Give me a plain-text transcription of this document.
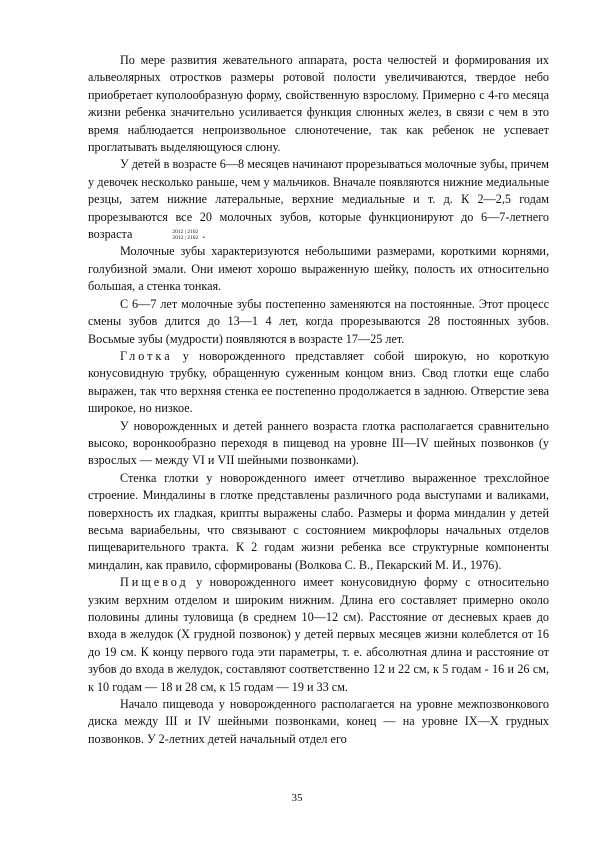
По мере развития жевательного аппарата, роста челюстей и формирования их альвеолярных отростков размеры ротовой полости увеличиваются, твердое небо приобретает куполообразную форму, свойственную взрослому. Примерно с 4-го месяца жизни ребенка значительно усиливается функция слюнных желез, в связи с чем в это время наблюдается непроизвольное слюнотечение, так как ребенок не успевает проглатывать выделяющуюся слюну.

У детей в возрасте 6—8 месяцев начинают прорезываться молочные зубы, причем у девочек несколько раньше, чем у мальчиков. Вначале появляются нижние медиальные резцы, затем нижние латеральные, верхние медиальные и т. д. К 2—2,5 годам прорезываются все 20 молочных зубов, которые функционируют до 6—7-летнего возраста	2012 | 2102
2012 | 2102 .

Молочные зубы характеризуются небольшими размерами, короткими корнями, голубизной эмали. Они имеют хорошо выраженную шейку, полость их относительно большая, а стенка тонкая.

С 6—7 лет молочные зубы постепенно заменяются на постоянные. Этот процесс смены зубов длится до 13—1 4 лет, когда прорезываются 28 постоянных зубов. Восьмые зубы (мудрости) появляются в возрасте 17—25 лет.

Глотка у новорожденного представляет собой широкую, но короткую конусовидную трубку, обращенную суженным концом вниз. Свод глотки еще слабо выражен, так что верхняя стенка ее постепенно продолжается в заднюю. Отверстие зева широкое, но низкое.

У новорожденных и детей раннего возраста глотка располагается сравнительно высоко, воронкообразно переходя в пищевод на уровне III—IV шейных позвонков (у взрослых — между VI и VII шейными позвонками).

Стенка глотки у новорожденного имеет отчетливо выраженное трехслойное строение. Миндалины в глотке представлены различного рода выступами и валиками, поверхность их гладкая, крипты выражены слабо. Размеры и форма миндалин у детей весьма вариабельны, что связывают с состоянием микрофлоры начальных отделов пищеварительного тракта. К 2 годам жизни ребенка все структурные компоненты миндалин, как правило, сформированы (Волкова С. В., Пекарский М. И., 1976).

Пищевод у новорожденного имеет конусовидную форму с относительно узким верхним отделом и широким нижним. Длина его составляет примерно около половины длины туловища (в среднем 10—12 см). Расстояние от десневых краев до входа в желудок (X грудной позвонок) у детей первых месяцев жизни колеблется от 16 до 19 см. К концу первого года эти параметры, т. е. абсолютная длина и расстояние от зубов до входа в желудок, составляют соответственно 12 и 22 см, к 5 годам - 16 и 26 см, к 10 годам — 18 и 28 см, к 15 годам — 19 и 33 см.

Начало пищевода у новорожденного располагается на уровне межпозвонкового диска между III и IV шейными позвонками, конец — на уровне IX—X грудных позвонков. У 2-летних детей начальный отдел его

35
